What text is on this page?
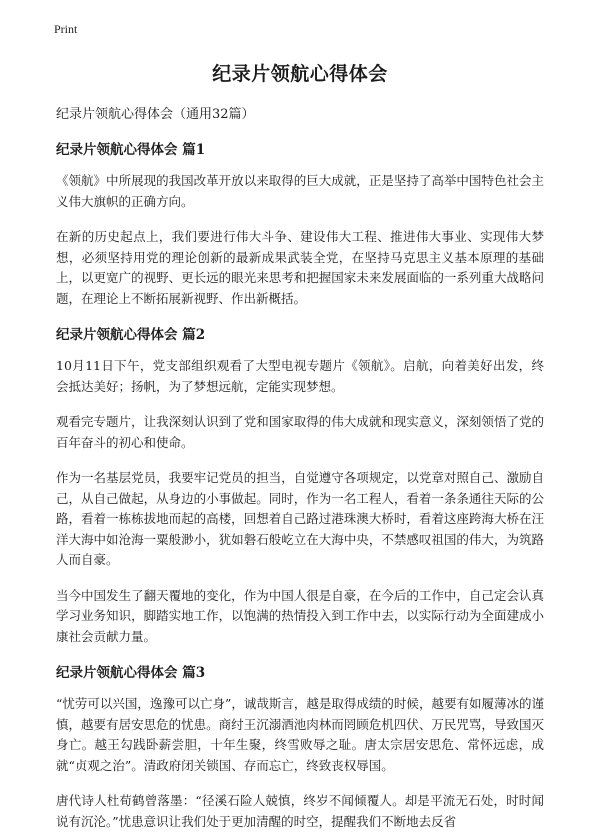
Print
纪录片领航心得体会
纪录片领航心得体会（通用32篇）
纪录片领航心得体会 篇1

《领航》中所展现的我国改革开放以来取得的巨大成就，正是坚持了高举中国特色社会主义伟大旗帜的正确方向。

在新的历史起点上，我们要进行伟大斗争、建设伟大工程、推进伟大事业、实现伟大梦想，必须坚持用党的理论创新的最新成果武装全党，在坚持马克思主义基本原理的基础上，以更宽广的视野、更长远的眼光来思考和把握国家未来发展面临的一系列重大战略问题，在理论上不断拓展新视野、作出新概括。

纪录片领航心得体会 篇2

10月11日下午，党支部组织观看了大型电视专题片《领航》。启航，向着美好出发，终会抵达美好；扬帆，为了梦想远航，定能实现梦想。

观看完专题片，让我深刻认识到了党和国家取得的伟大成就和现实意义，深刻领悟了党的百年奋斗的初心和使命。

作为一名基层党员，我要牢记党员的担当，自觉遵守各项规定，以党章对照自己、激励自己，从自己做起，从身边的小事做起。同时，作为一名工程人，看着一条条通往天际的公路，看着一栋栋拔地而起的高楼，回想着自己路过港珠澳大桥时，看着这座跨海大桥在汪洋大海中如沧海一粟般渺小，犹如磐石般屹立在大海中央，不禁感叹祖国的伟大，为筑路人而自豪。

当今中国发生了翻天覆地的变化，作为中国人很是自豪，在今后的工作中，自己定会认真学习业务知识，脚踏实地工作，以饱满的热情投入到工作中去，以实际行动为全面建成小康社会贡献力量。

纪录片领航心得体会 篇3

“忧劳可以兴国，逸豫可以亡身”，诚哉斯言，越是取得成绩的时候，越要有如履薄冰的谨慎，越要有居安思危的忧患。商纣王沉溺酒池肉林而罔顾危机四伏、万民咒骂，导致国灭身亡。越王勾践卧薪尝胆，十年生聚，终雪败辱之耻。唐太宗居安思危、常怀远虑，成就“贞观之治”。清政府闭关锁国、存而忘亡，终致丧权辱国。

唐代诗人杜荀鹤曾落墨：“径溪石险人兢慎，终岁不闻倾覆人。却是平流无石处，时时闻说有沉沦。”忧患意识让我们处于更加清醒的时空，提醒我们不断地去反省
